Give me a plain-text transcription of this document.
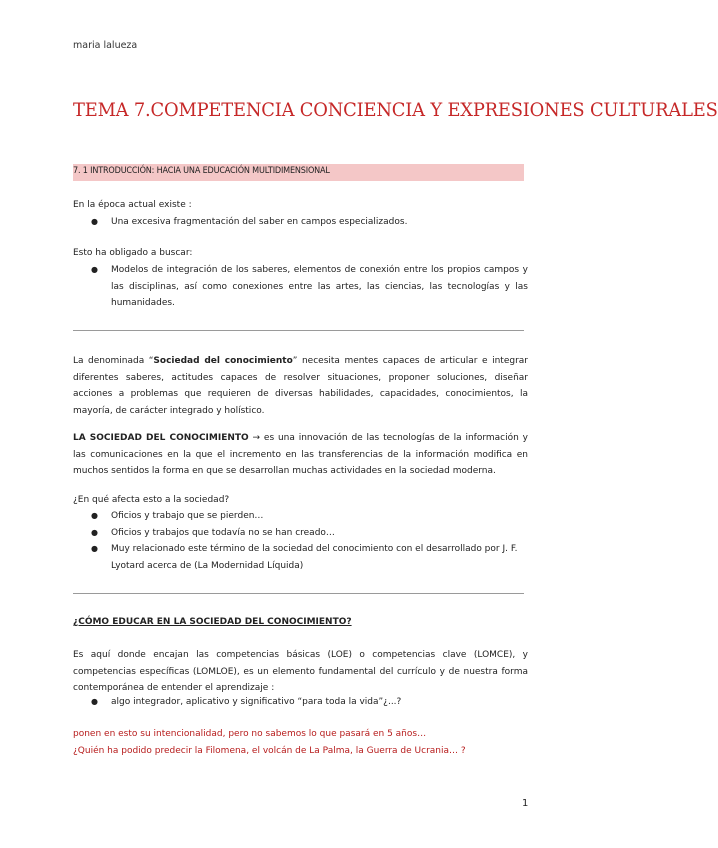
maria lalueza
TEMA 7.COMPETENCIA CONCIENCIA Y EXPRESIONES CULTURALES
7. 1 INTRODUCCIÓN: HACIA UNA EDUCACIÓN MULTIDIMENSIONAL
En la época actual existe :
● Una excesiva fragmentación del saber en campos especializados.
Esto ha obligado a buscar:
● Modelos de integración de los saberes, elementos de conexión entre los propios campos y las disciplinas, así como conexiones entre las artes, las ciencias, las tecnologías y las humanidades.
La denominada “Sociedad del conocimiento” necesita mentes capaces de articular e integrar diferentes saberes, actitudes capaces de resolver situaciones, proponer soluciones, diseñar acciones a problemas que requieren de diversas habilidades, capacidades, conocimientos, la mayoría, de carácter integrado y holístico.
LA SOCIEDAD DEL CONOCIMIENTO → es una innovación de las tecnologías de la información y las comunicaciones en la que el incremento en las transferencias de la información modifica en muchos sentidos la forma en que se desarrollan muchas actividades en la sociedad moderna.
¿En qué afecta esto a la sociedad?
● Oficios y trabajo que se pierden…
● Oficios y trabajos que todavía no se han creado…
● Muy relacionado este término de la sociedad del conocimiento con el desarrollado por J. F. Lyotard acerca de (La Modernidad Líquida)
¿CÓMO EDUCAR EN LA SOCIEDAD DEL CONOCIMIENTO?
Es aquí donde encajan las competencias básicas (LOE) o competencias clave (LOMCE), y competencias específicas (LOMLOE), es un elemento fundamental del currículo y de nuestra forma contemporánea de entender el aprendizaje :
● algo integrador, aplicativo y significativo “para toda la vida”¿...?
ponen en esto su intencionalidad, pero no sabemos lo que pasará en 5 años…
¿Quién ha podido predecir la Filomena, el volcán de La Palma, la Guerra de Ucrania… ?
1
